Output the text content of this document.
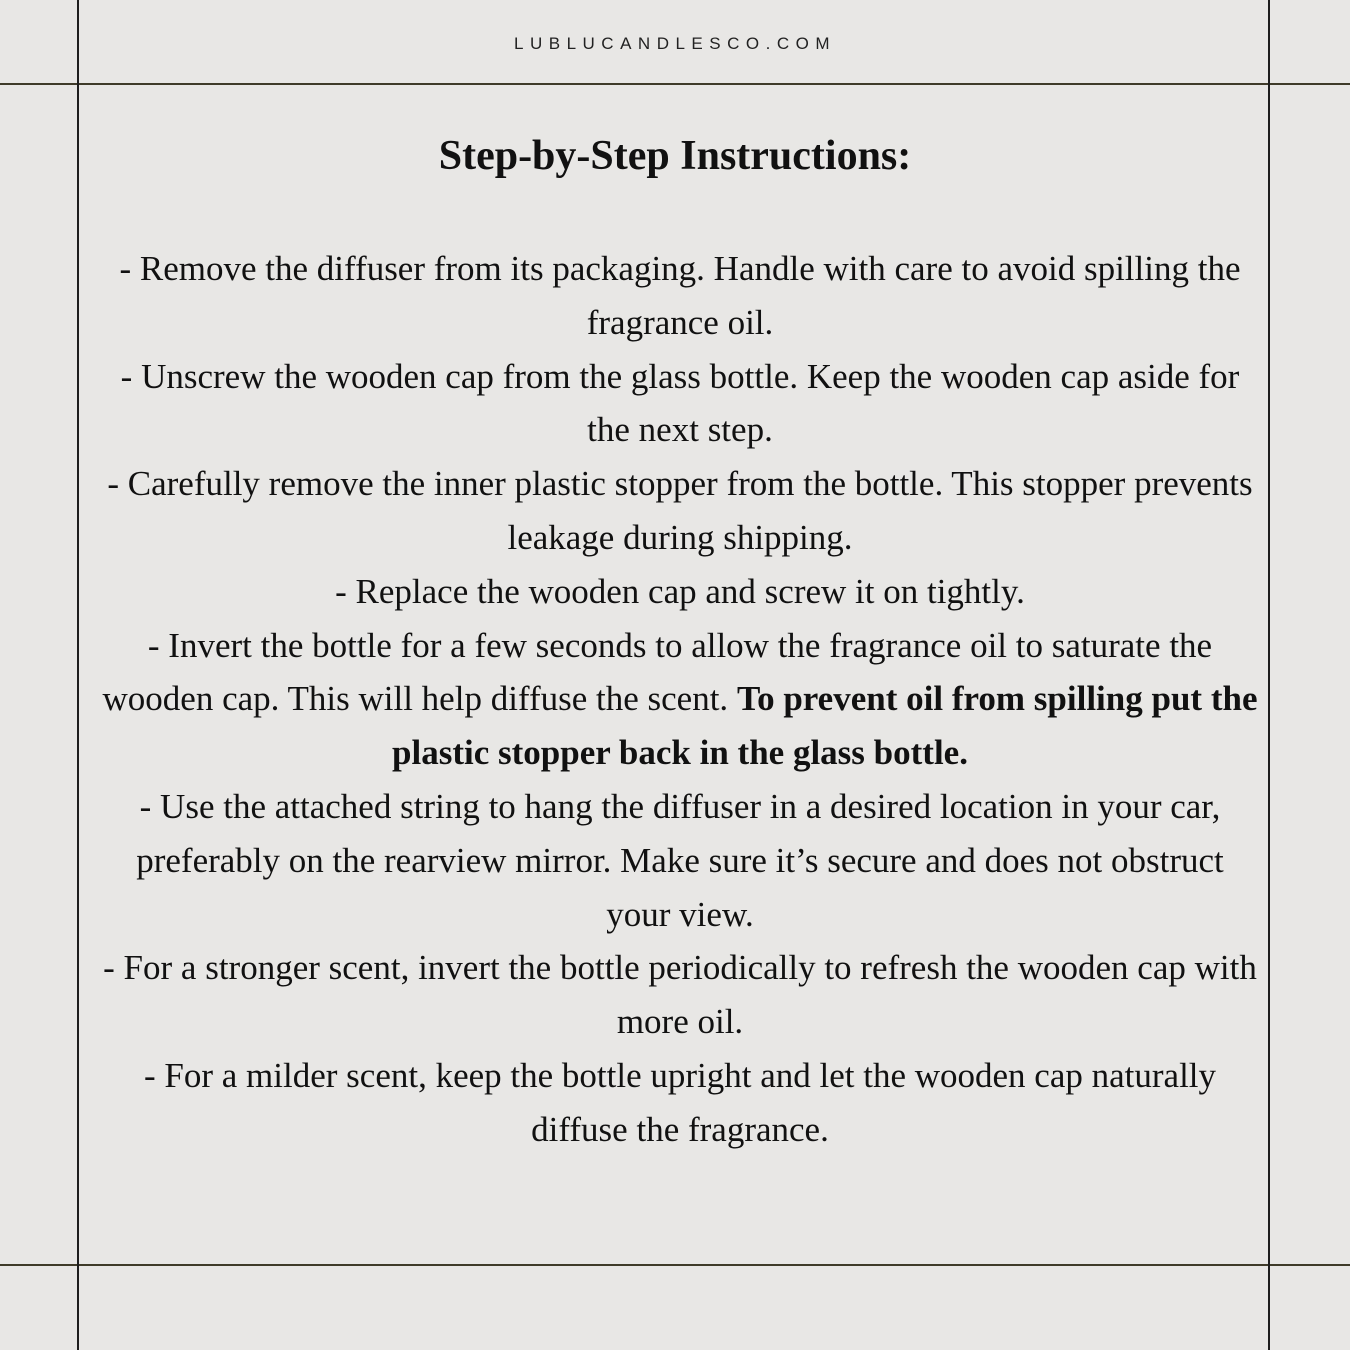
LUBLUCANDLESCO.COM
Step-by-Step Instructions:
- Remove the diffuser from its packaging. Handle with care to avoid spilling the fragrance oil.
- Unscrew the wooden cap from the glass bottle. Keep the wooden cap aside for the next step.
- Carefully remove the inner plastic stopper from the bottle. This stopper prevents leakage during shipping.
- Replace the wooden cap and screw it on tightly.
- Invert the bottle for a few seconds to allow the fragrance oil to saturate the wooden cap. This will help diffuse the scent. To prevent oil from spilling put the plastic stopper back in the glass bottle.
- Use the attached string to hang the diffuser in a desired location in your car, preferably on the rearview mirror. Make sure it’s secure and does not obstruct your view.
- For a stronger scent, invert the bottle periodically to refresh the wooden cap with more oil.
- For a milder scent, keep the bottle upright and let the wooden cap naturally diffuse the fragrance.
